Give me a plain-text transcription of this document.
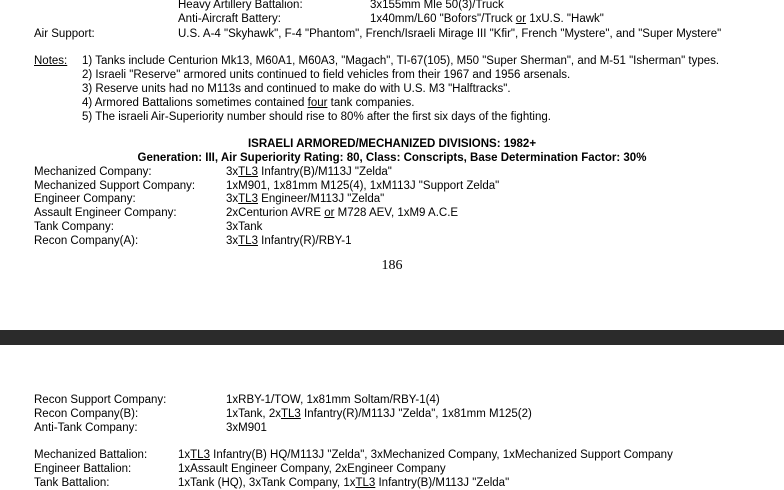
Heavy Artillery Battalion:	3x155mm Mle 50(3)/Truck
Anti-Aircraft Battery:	1x40mm/L60 "Bofors"/Truck or 1xU.S. "Hawk"
Air Support:	U.S. A-4 "Skyhawk", F-4 "Phantom", French/Israeli Mirage III "Kfir", French "Mystere", and "Super Mystere"
Notes: 1) Tanks include Centurion Mk13, M60A1, M60A3, "Magach", TI-67(105), M50 "Super Sherman", and M-51 "Isherman" types.
2) Israeli "Reserve" armored units continued to field vehicles from their 1967 and 1956 arsenals.
3) Reserve units had no M113s and continued to make do with U.S. M3 "Halftracks".
4) Armored Battalions sometimes contained four tank companies.
5) The israeli Air-Superiority number should rise to 80% after the first six days of the fighting.
ISRAELI ARMORED/MECHANIZED DIVISIONS: 1982+
Generation: III, Air Superiority Rating: 80, Class: Conscripts, Base Determination Factor: 30%
Mechanized Company:	3xTL3 Infantry(B)/M113J "Zelda"
Mechanized Support Company:	1xM901, 1x81mm M125(4), 1xM113J "Support Zelda"
Engineer Company:	3xTL3 Engineer/M113J "Zelda"
Assault Engineer Company:	2xCenturion AVRE or M728 AEV, 1xM9 A.C.E
Tank Company:	3xTank
Recon Company(A):	3xTL3 Infantry(R)/RBY-1
186
Recon Support Company:	1xRBY-1/TOW, 1x81mm Soltam/RBY-1(4)
Recon Company(B):	1xTank, 2xTL3 Infantry(R)/M113J "Zelda", 1x81mm M125(2)
Anti-Tank Company:	3xM901
Mechanized Battalion:	1xTL3 Infantry(B) HQ/M113J "Zelda", 3xMechanized Company, 1xMechanized Support Company
Engineer Battalion:	1xAssault Engineer Company, 2xEngineer Company
Tank Battalion:	1xTank (HQ), 3xTank Company, 1xTL3 Infantry(B)/M113J "Zelda"
